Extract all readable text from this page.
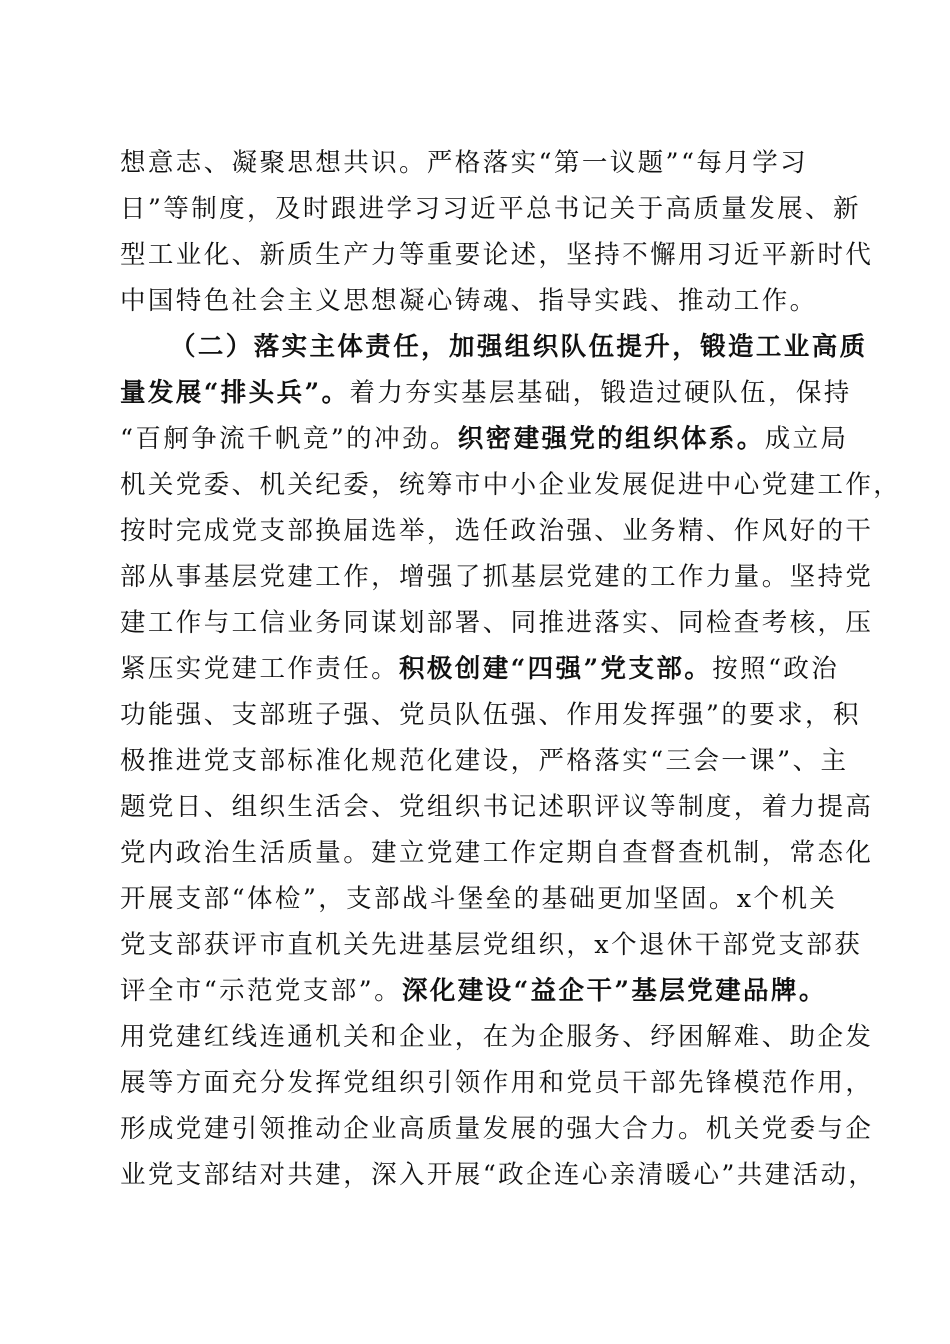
想意志、凝聚思想共识。严格落实“第一议题”“每月学习
日”等制度，及时跟进学习习近平总书记关于高质量发展、新
型工业化、新质生产力等重要论述，坚持不懈用习近平新时代
中国特色社会主义思想凝心铸魂、指导实践、推动工作。
（二）落实主体责任，加强组织队伍提升，锻造工业高质
量发展“排头兵”。着力夯实基层基础，锻造过硬队伍，保持
“百舸争流千帆竞”的冲劲。织密建强党的组织体系。成立局
机关党委、机关纪委，统筹市中小企业发展促进中心党建工作，
按时完成党支部换届选举，选任政治强、业务精、作风好的干
部从事基层党建工作，增强了抓基层党建的工作力量。坚持党
建工作与工信业务同谋划部署、同推进落实、同检查考核，压
紧压实党建工作责任。积极创建“四强”党支部。按照“政治
功能强、支部班子强、党员队伍强、作用发挥强”的要求，积
极推进党支部标准化规范化建设，严格落实“三会一课”、主
题党日、组织生活会、党组织书记述职评议等制度，着力提高
党内政治生活质量。建立党建工作定期自查督查机制，常态化
开展支部“体检”，支部战斗堡垒的基础更加坚固。x个机关
党支部获评市直机关先进基层党组织，x个退休干部党支部获
评全市“示范党支部”。深化建设“益企干”基层党建品牌。
用党建红线连通机关和企业，在为企服务、纾困解难、助企发
展等方面充分发挥党组织引领作用和党员干部先锋模范作用，
形成党建引领推动企业高质量发展的强大合力。机关党委与企
业党支部结对共建，深入开展“政企连心亲清暖心”共建活动，
